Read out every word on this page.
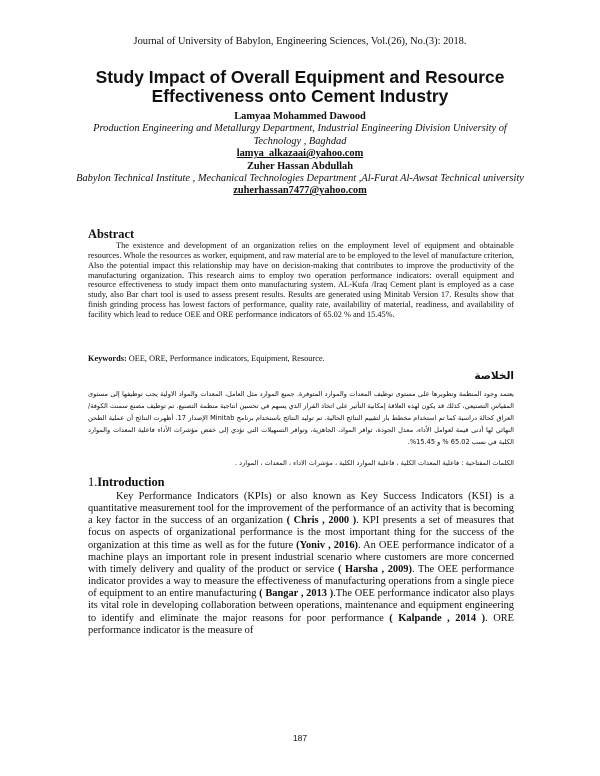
Journal of University of Babylon, Engineering Sciences, Vol.(26), No.(3): 2018.
Study Impact of Overall Equipment and Resource Effectiveness onto Cement Industry
Lamyaa Mohammed Dawood
Production Engineering and Metallurgy Department, Industrial Engineering Division University of Technology , Baghdad
lamya_alkazaai@yahoo.com
Zuher Hassan Abdullah
Babylon Technical Institute , Mechanical Technologies Department ,Al-Furat Al-Awsat Technical university
zuherhassan7477@yahoo.com
Abstract
The existence and development of an organization relies on the employment level of equipment and obtainable resources. Whole the resources as worker, equipment, and raw material are to be employed to the level of manufacture criterion, Also the potential impact this relationship may have on decision-making that contributes to improve the productivity of the manufacturing organization. This research aims to employ two operation performance indicators: overall equipment and resource effectiveness to study impact them onto manufacturing system. AL-Kufa /Iraq Cement plant is employed as a case study, also Bar chart tool is used to assess present results. Results are generated using Minitab Version 17. Results show that finish grinding process has lowest factors of performance, quality rate, availability of material, readiness, and availability of facility which lead to reduce OEE and ORE performance indicators of 65.02 % and 15.45%.
Keywords: OEE, ORE, Performance indicators, Equipment, Resource.
الخلاصة
يعتمد وجود المنظمة وتطويرها على مستوى توظيف المعدات والموارد المتوفرة. جميع الموارد مثل العامل، المعدات والمواد الاولية يجب توظيفها إلى مستوى المقياس التصنيعي، كذلك قد يكون لهذه العلاقة إمكانية التأثير على اتخاذ القرار الذي يسهم في تحسين انتاجية منظمة التصنيع. تم توظيف مصنع سمنت الكوفة/العراق كحالة دراسية كما تم استخدام مخطط بار لتقييم النتائج الحالية. تم توليد النتائج باستخدام برنامج Minitab الإصدار 17. أظهرت النتائج أن عملية الطحن النهائي لها أدنى قيمة لعوامل الأداء، معدل الجودة، توافر المواد، الجاهزية، وتوافر التسهيلات التي تؤدي إلى خفض مؤشرات الأداء فاعلية المعدات والموارد الكلية في نسب 65.02 % و 15.45%.
الكلمات المفتاحية : فاعلية المعدات الكلية ، فاعلية الموارد الكلية ، مؤشرات الاداء ، المعدات ، الموارد .
1.Introduction
Key Performance Indicators (KPIs) or also known as Key Success Indicators (KSI) is a quantitative measurement tool for the improvement of the performance of an activity that is becoming a key factor in the success of an organization ( Chris , 2000 ). KPI presents a set of measures that focus on aspects of organizational performance is the most important thing for the success of the organization at this time as well as for the future (Yoniv , 2016). An OEE performance indicator of a machine plays an important role in present industrial scenario where customers are more concerned with timely delivery and quality of the product or service ( Harsha , 2009). The OEE performance indicator provides a way to measure the effectiveness of manufacturing operations from a single piece of equipment to an entire manufacturing ( Bangar , 2013 ).The OEE performance indicator also plays its vital role in developing collaboration between operations, maintenance and equipment engineering to identify and eliminate the major reasons for poor performance ( Kalpande , 2014 ). ORE performance indicator is the measure of
187
